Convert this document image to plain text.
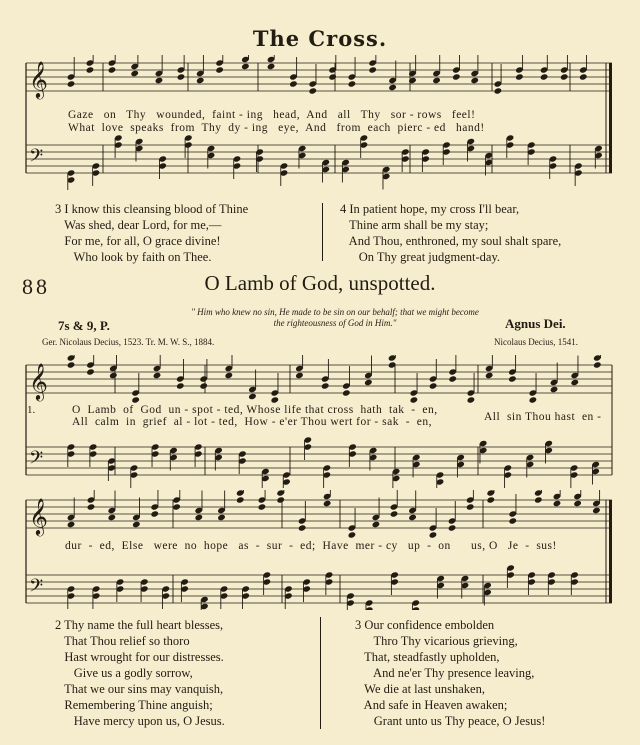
The Cross.
𝄞
𝄢
Gaze   on   Thy   wounded,  faint - ing   head,  And   all   Thy   sor - rows   feel!
What  love  speaks  from  Thy  dy - ing   eye,  And   from  each  pierc - ed   hand!
3 I know this cleansing blood of Thine
Was shed, dear Lord, for me,—
For me, for all, O grace divine!
Who look by faith on Thee.
4 In patient hope, my cross I'll bear,
Thine arm shall be my stay;
And Thou, enthroned, my soul shalt spare,
On Thy great judgment-day.
88	O Lamb of God, unspotted.
" Him who knew no sin, He made to be sin on our behalf; that we might become
the righteousness of God in Him."
7s & 9, P.	Agnus Dei.
Ger. Nicolaus Decius, 1523. Tr. M. W. S., 1884.	Nicolaus Decius, 1541.
𝄞
𝄢
1.	O  Lamb  of  God  un - spot - ted, Whose life that cross  hath  tak  -  en,
All  calm  in  grief  al - lot - ted,  How - e'er Thou wert for - sak  -  en,	All  sin Thou hast  en -
𝄞
𝄢
dur  -  ed,  Else   were  no  hope   as  -  sur  -  ed;  Have  mer - cy   up  -  on      us, O   Je  -  sus!
2 Thy name the full heart blesses,
That Thou relief so thoro
Hast wrought for our distresses.
Give us a godly sorrow,
That we our sins may vanquish,
Remembering Thine anguish;
Have mercy upon us, O Jesus.
3 Our confidence embolden
Thro Thy vicarious grieving,
That, steadfastly upholden,
And ne'er Thy presence leaving,
We die at last unshaken,
And safe in Heaven awaken;
Grant unto us Thy peace, O Jesus!
